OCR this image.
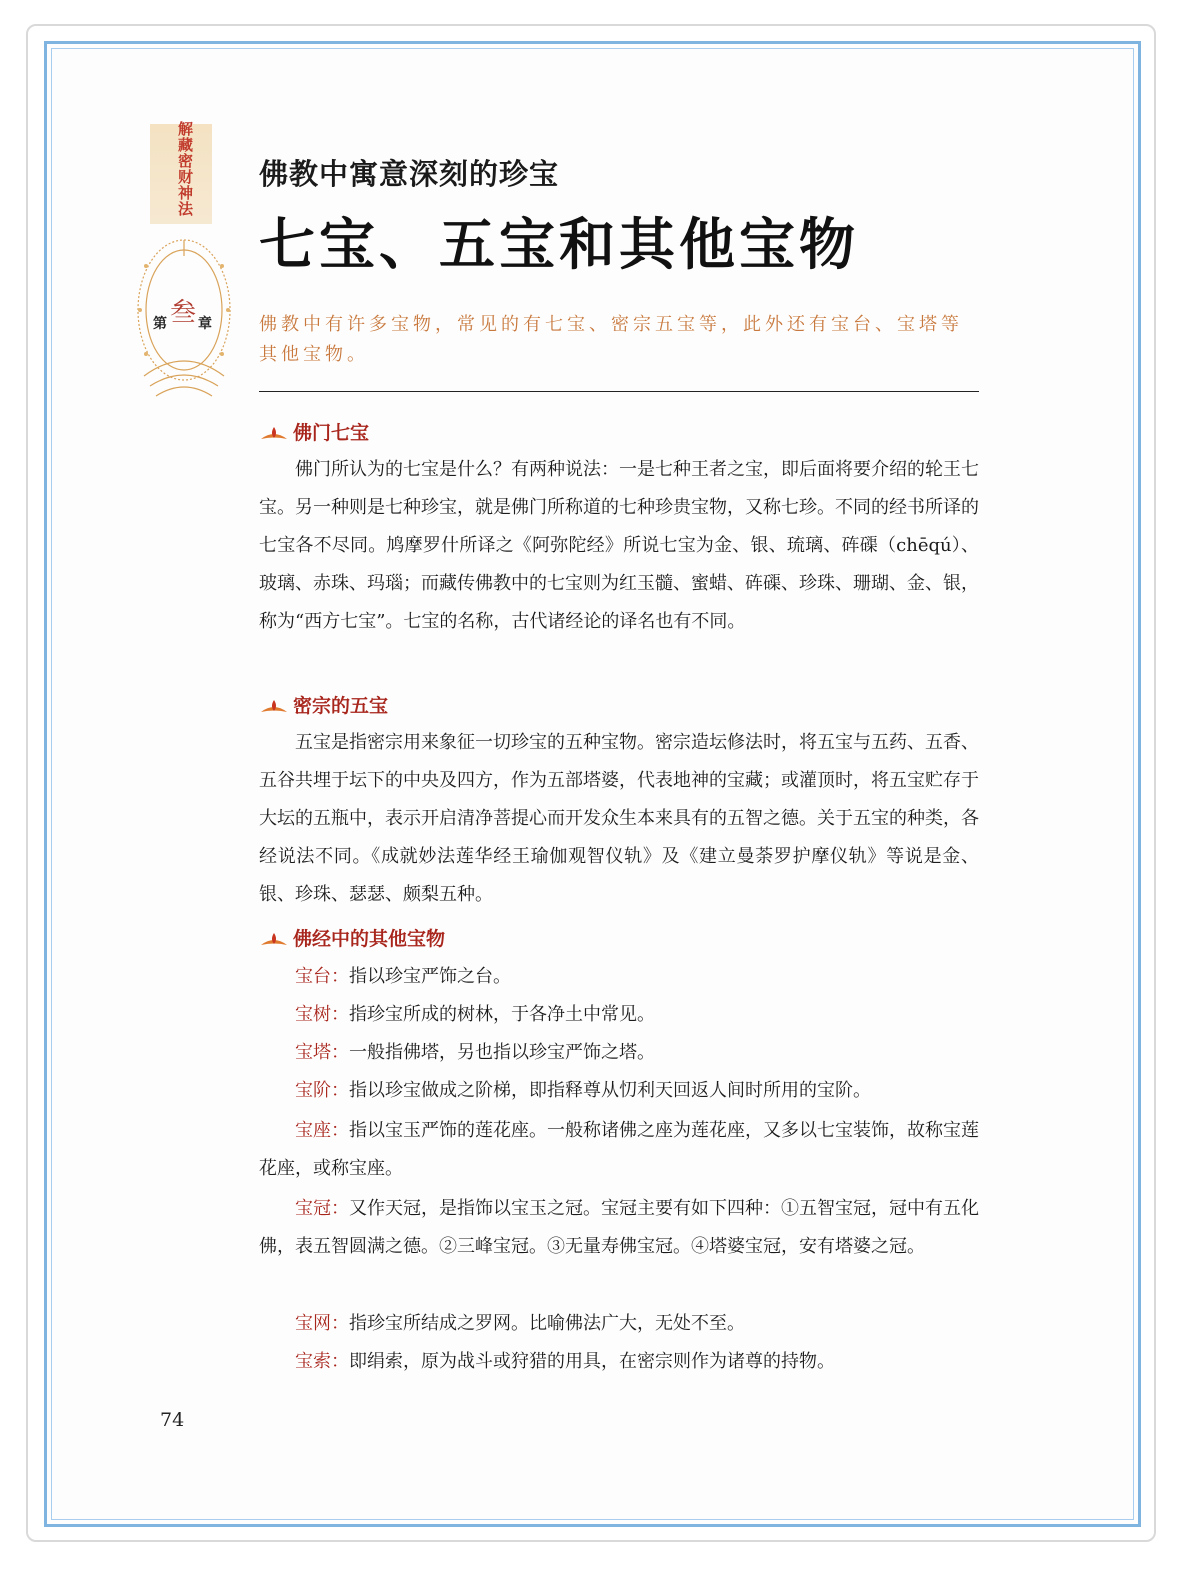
解藏密财神法
第 叁 章
佛教中寓意深刻的珍宝
七宝、五宝和其他宝物
佛教中有许多宝物，常见的有七宝、密宗五宝等，此外还有宝台、宝塔等其他宝物。
佛门七宝
佛门所认为的七宝是什么？有两种说法：一是七种王者之宝，即后面将要介绍的轮王七宝。另一种则是七种珍宝，就是佛门所称道的七种珍贵宝物，又称七珍。不同的经书所译的七宝各不尽同。鸠摩罗什所译之《阿弥陀经》所说七宝为金、银、琉璃、砗磲（chēqú）、玻璃、赤珠、玛瑙；而藏传佛教中的七宝则为红玉髓、蜜蜡、砗磲、珍珠、珊瑚、金、银，称为“西方七宝”。七宝的名称，古代诸经论的译名也有不同。
密宗的五宝
五宝是指密宗用来象征一切珍宝的五种宝物。密宗造坛修法时，将五宝与五药、五香、五谷共埋于坛下的中央及四方，作为五部塔婆，代表地神的宝藏；或灌顶时，将五宝贮存于大坛的五瓶中，表示开启清净菩提心而开发众生本来具有的五智之德。关于五宝的种类，各经说法不同。《成就妙法莲华经王瑜伽观智仪轨》及《建立曼荼罗护摩仪轨》等说是金、银、珍珠、瑟瑟、颇梨五种。
佛经中的其他宝物
宝台：指以珍宝严饰之台。
宝树：指珍宝所成的树林，于各净土中常见。
宝塔：一般指佛塔，另也指以珍宝严饰之塔。
宝阶：指以珍宝做成之阶梯，即指释尊从忉利天回返人间时所用的宝阶。
宝座：指以宝玉严饰的莲花座。一般称诸佛之座为莲花座，又多以七宝装饰，故称宝莲花座，或称宝座。
宝冠：又作天冠，是指饰以宝玉之冠。宝冠主要有如下四种：①五智宝冠，冠中有五化佛，表五智圆满之德。②三峰宝冠。③无量寿佛宝冠。④塔婆宝冠，安有塔婆之冠。
宝网：指珍宝所结成之罗网。比喻佛法广大，无处不至。
宝索：即绢索，原为战斗或狩猎的用具，在密宗则作为诸尊的持物。
74
